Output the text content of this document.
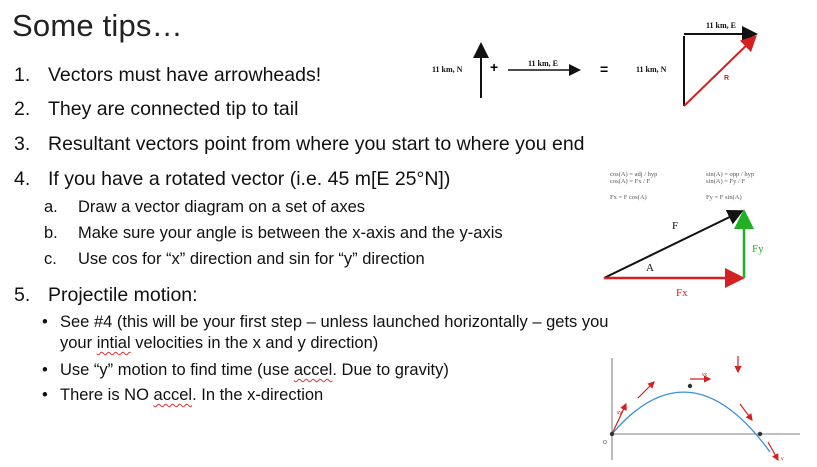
Some tips…
1. Vectors must have arrowheads!
2. They are connected tip to tail
3. Resultant vectors point from where you start to where you end
4. If you have a rotated vector (i.e. 45 m[E 25°N])
a. Draw a vector diagram on a set of axes
b. Make sure your angle is between the x-axis and the y-axis
c. Use cos for “x” direction and sin for “y” direction
5. Projectile motion:
• See #4 (this will be your first step – unless launched horizontally – gets you
your intial velocities in the x and y direction)
• Use “y” motion to find time (use accel. Due to gravity)
• There is NO accel. In the x-direction
11 km, N +	11 km, E	=	11 km, N
11 km, E
R
cos(A) = adj / hyp
cos(A) = Fx / F
Fx = F cos(A)
sin(A) = opp / hyp
sin(A) = Fy / F
Fy = F sin(A)
F
A
Fx
Fy
O
vx
vy
v
